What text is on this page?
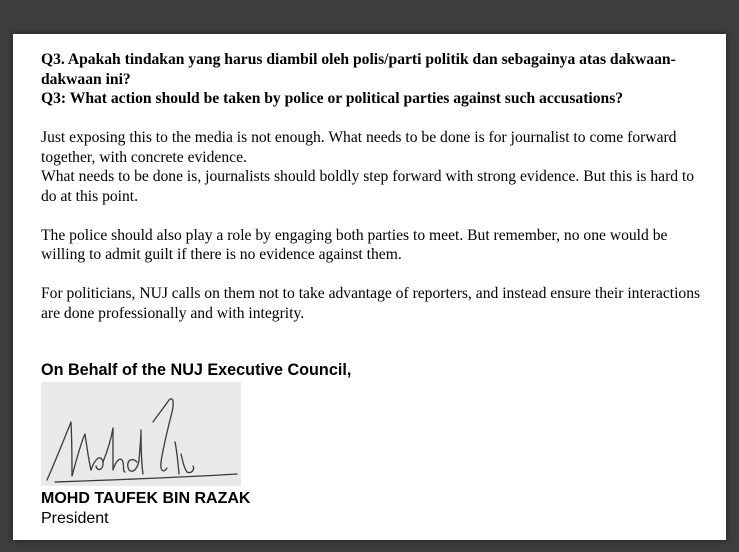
Q3. Apakah tindakan yang harus diambil oleh polis/parti politik dan sebagainya atas dakwaan-dakwaan ini?

Q3: What action should be taken by police or political parties against such accusations?

Just exposing this to the media is not enough. What needs to be done is for journalist to come forward together, with concrete evidence.

What needs to be done is, journalists should boldly step forward with strong evidence. But this is hard to do at this point.

The police should also play a role by engaging both parties to meet. But remember, no one would be willing to admit guilt if there is no evidence against them.

For politicians, NUJ calls on them not to take advantage of reporters, and instead ensure their interactions are done professionally and with integrity.

On Behalf of the NUJ Executive Council,

MOHD TAUFEK BIN RAZAK

President
